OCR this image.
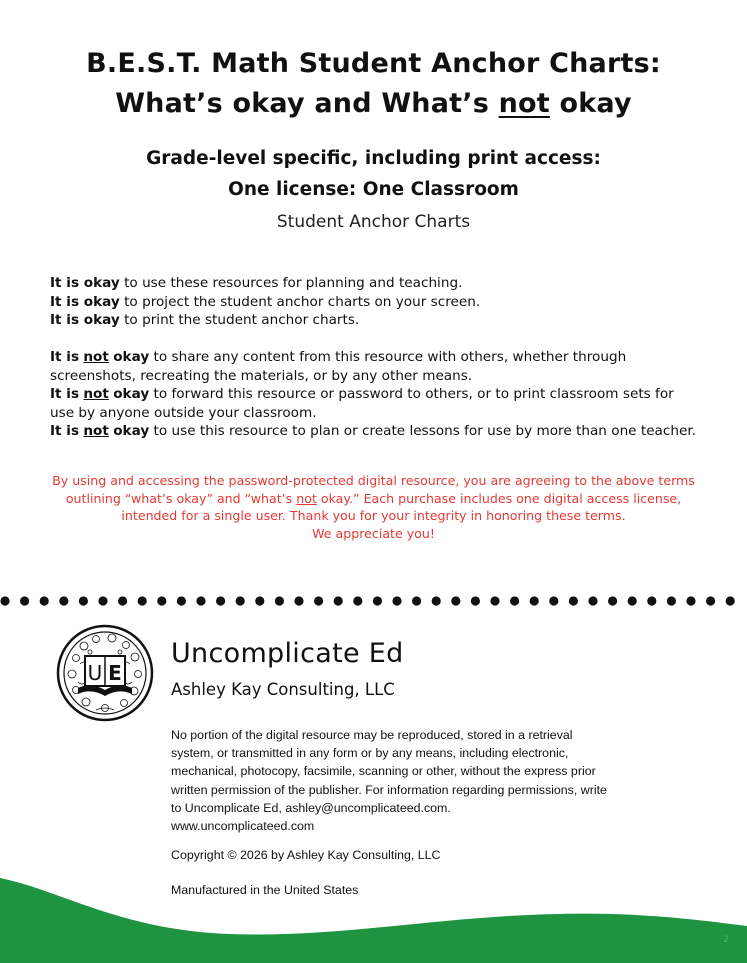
B.E.S.T. Math Student Anchor Charts:
What’s okay and What’s not okay

Grade-level specific, including print access:

One license: One Classroom

Student Anchor Charts

It is okay to use these resources for planning and teaching.

It is okay to project the student anchor charts on your screen.

It is okay to print the student anchor charts.

It is not okay to share any content from this resource with others, whether through screenshots, recreating the materials, or by any other means.

It is not okay to forward this resource or password to others, or to print classroom sets for use by anyone outside your classroom.

It is not okay to use this resource to plan or create lessons for use by more than one teacher.

By using and accessing the password-protected digital resource, you are agreeing to the above terms

outlining “what’s okay” and “what’s not okay.” Each purchase includes one digital access license,

intended for a single user. Thank you for your integrity in honoring these terms.

We appreciate you!

U E
Uncomplicate Ed

Ashley Kay Consulting, LLC

No portion of the digital resource may be reproduced, stored in a retrieval

system, or transmitted in any form or by any means, including electronic,

mechanical, photocopy, facsimile, scanning or other, without the express prior

written permission of the publisher. For information regarding permissions, write

to Uncomplicate Ed, ashley@uncomplicateed.com.

www.uncomplicateed.com

Copyright © 2026 by Ashley Kay Consulting, LLC

Manufactured in the United States

2
